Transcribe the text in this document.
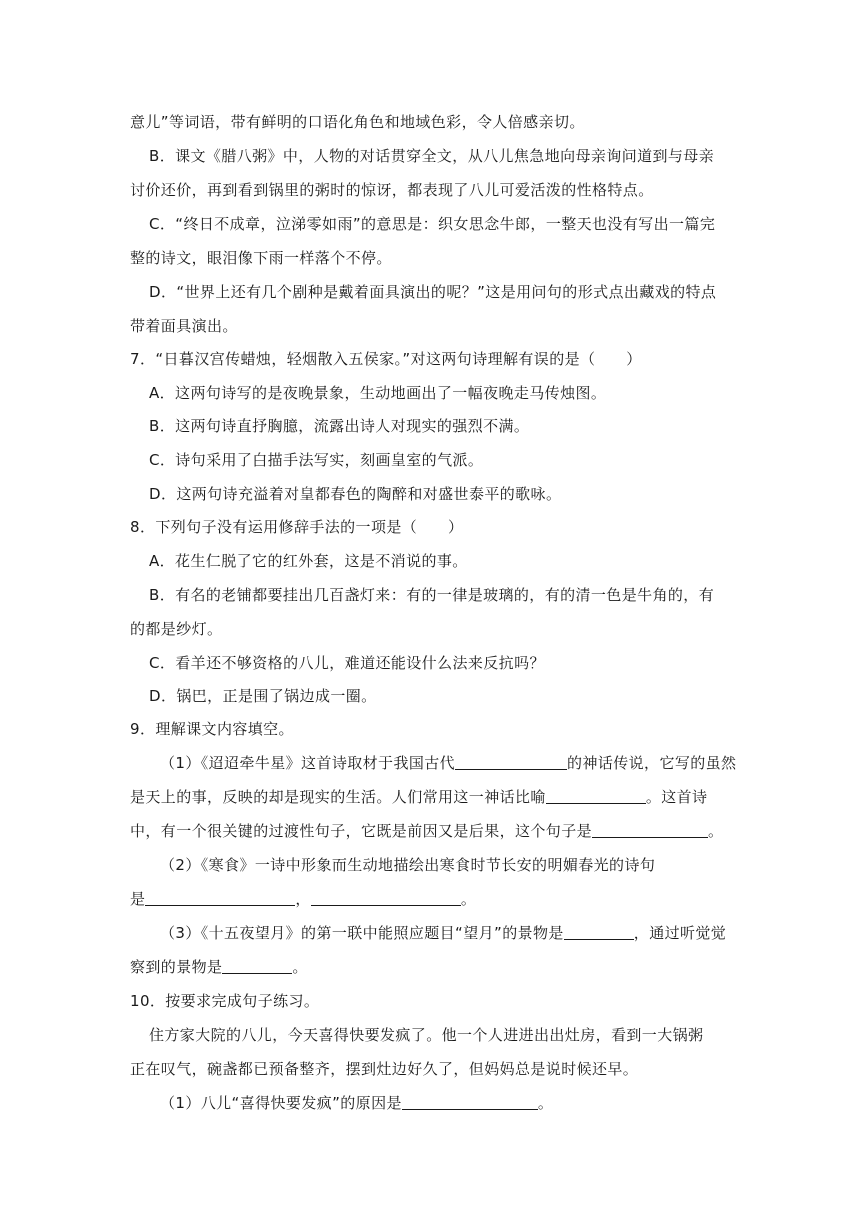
意儿”等词语，带有鲜明的口语化角色和地域色彩，令人倍感亲切。
B．课文《腊八粥》中，人物的对话贯穿全文，从八儿焦急地向母亲询问道到与母亲
讨价还价，再到看到锅里的粥时的惊讶，都表现了八儿可爱活泼的性格特点。
C．“终日不成章，泣涕零如雨”的意思是：织女思念牛郎，一整天也没有写出一篇完
整的诗文，眼泪像下雨一样落个不停。
D．“世界上还有几个剧种是戴着面具演出的呢？”这是用问句的形式点出藏戏的特点
带着面具演出。
7．“日暮汉宫传蜡烛，轻烟散入五侯家。”对这两句诗理解有误的是（　　）
A．这两句诗写的是夜晚景象，生动地画出了一幅夜晚走马传烛图。
B．这两句诗直抒胸臆，流露出诗人对现实的强烈不满。
C．诗句采用了白描手法写实，刻画皇室的气派。
D．这两句诗充溢着对皇都春色的陶醉和对盛世泰平的歌咏。
8．下列句子没有运用修辞手法的一项是（　　）
A．花生仁脱了它的红外套，这是不消说的事。
B．有名的老铺都要挂出几百盏灯来：有的一律是玻璃的，有的清一色是牛角的，有
的都是纱灯。
C．看羊还不够资格的八儿，难道还能设什么法来反抗吗？
D．锅巴，正是围了锅边成一圈。
9．理解课文内容填空。
（1）《迢迢牵牛星》这首诗取材于我国古代	的神话传说，它写的虽然
是天上的事，反映的却是现实的生活。人们常用这一神话比喻	。这首诗
中，有一个很关键的过渡性句子，它既是前因又是后果，这个句子是	。
（2）《寒食》一诗中形象而生动地描绘出寒食时节长安的明媚春光的诗句
是	，	。
（3）《十五夜望月》的第一联中能照应题目“望月”的景物是	，通过听觉觉
察到的景物是	。
10．按要求完成句子练习。
住方家大院的八儿，今天喜得快要发疯了。他一个人进进出出灶房，看到一大锅粥
正在叹气，碗盏都已预备整齐，摆到灶边好久了，但妈妈总是说时候还早。
（1）八儿“喜得快要发疯”的原因是	。
